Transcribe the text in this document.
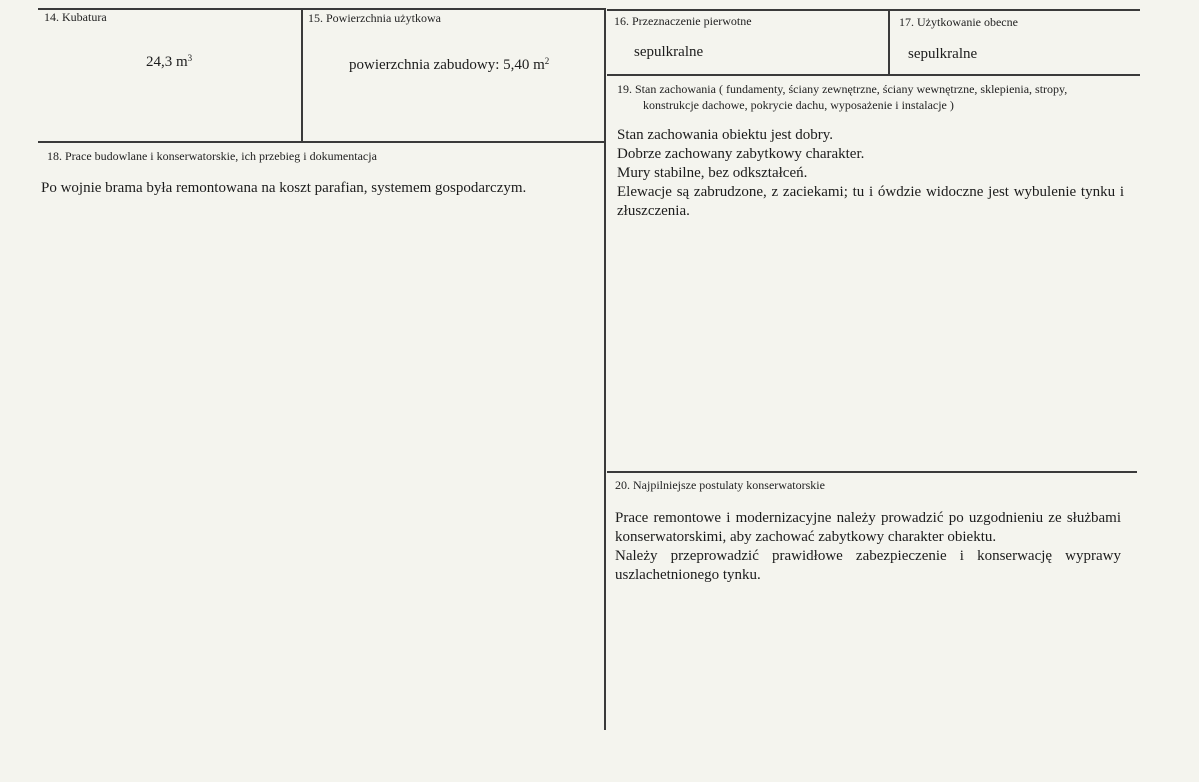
14. Kubatura
24,3 $m^3$
15. Powierzchnia użytkowa
powierzchnia zabudowy: 5,40 $m^2$
16. Przeznaczenie pierwotne
sepulkralne
17. Użytkowanie obecne
sepulkralne
18. Prace budowlane i konserwatorskie, ich przebieg i dokumentacja
Po wojnie brama była remontowana na koszt parafian, systemem gospodarczym.
19. Stan zachowania ( fundamenty, ściany zewnętrzne, ściany wewnętrzne, sklepienia, stropy,
konstrukcje dachowe, pokrycie dachu, wyposażenie i instalacje )

Stan zachowania obiektu jest dobry.

Dobrze zachowany zabytkowy charakter.

Mury stabilne, bez odkształceń.

Elewacje są zabrudzone, z zaciekami; tu i ówdzie widoczne jest wybulenie tynku i złuszczenia.

20. Najpilniejsze postulaty konserwatorskie

Prace remontowe i modernizacyjne należy prowadzić po uzgodnieniu ze służbami konserwatorskimi, aby zachować zabytkowy charakter obiektu.

Należy przeprowadzić prawidłowe zabezpieczenie i konserwację wyprawy uszlachetnionego tynku.
